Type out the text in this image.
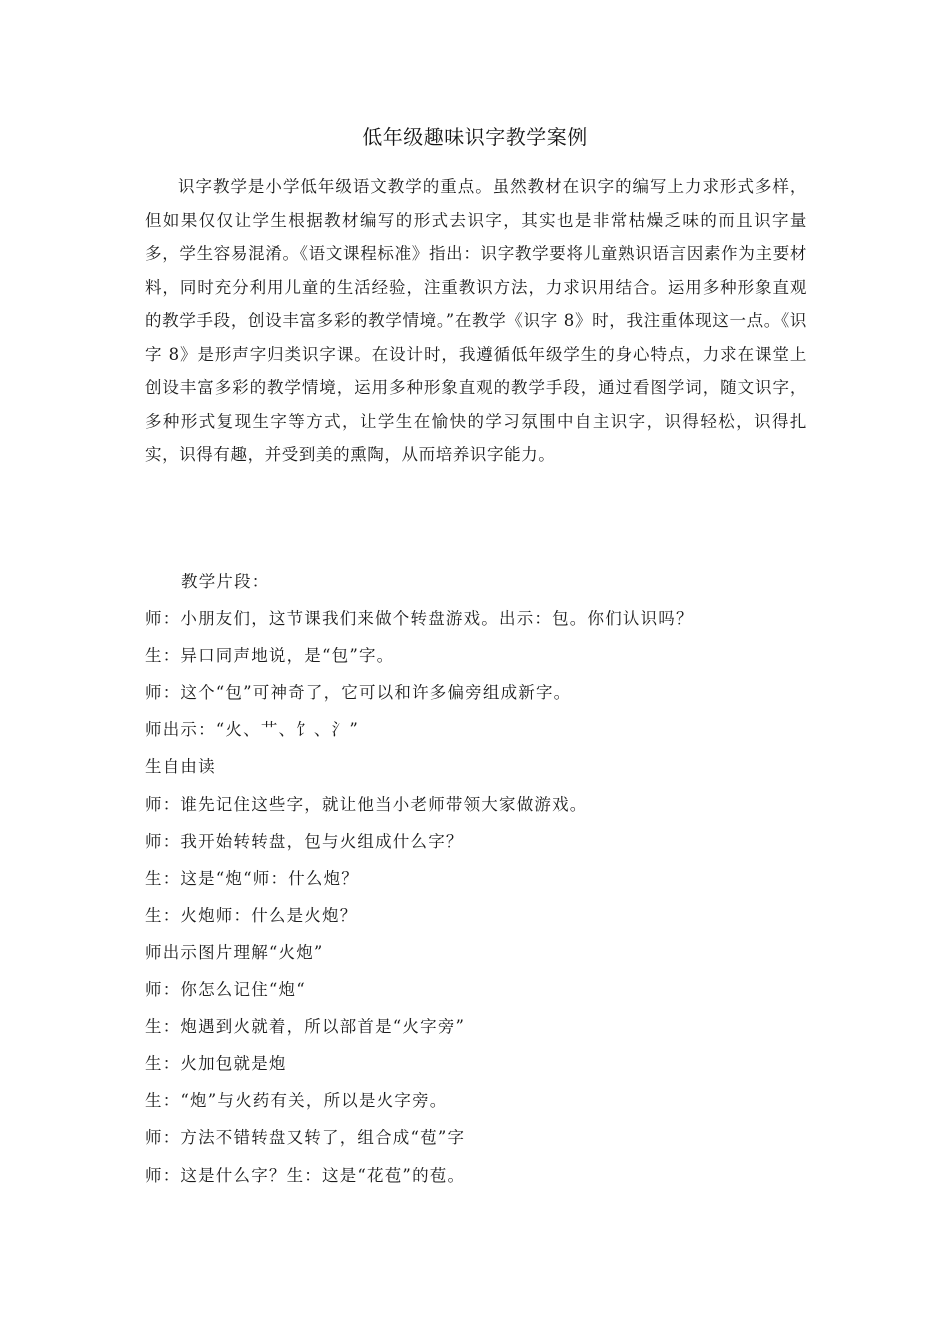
低年级趣味识字教学案例

识字教学是小学低年级语文教学的重点。虽然教材在识字的编写上力求形式多样，但如果仅仅让学生根据教材编写的形式去识字，其实也是非常枯燥乏味的而且识字量多，学生容易混淆。《语文课程标准》指出：识字教学要将儿童熟识语言因素作为主要材料，同时充分利用儿童的生活经验，注重教识方法，力求识用结合。运用多种形象直观的教学手段，创设丰富多彩的教学情境。”在教学《识字 8》时，我注重体现这一点。《识字 8》是形声字归类识字课。在设计时，我遵循低年级学生的身心特点，力求在课堂上创设丰富多彩的教学情境，运用多种形象直观的教学手段，通过看图学词，随文识字，多种形式复现生字等方式，让学生在愉快的学习氛围中自主识字，识得轻松，识得扎实，识得有趣，并受到美的熏陶，从而培养识字能力。

教学片段：
师：小朋友们，这节课我们来做个转盘游戏。出示：包。你们认识吗？
生：异口同声地说，是“包”字。
师：这个“包”可神奇了，它可以和许多偏旁组成新字。
师出示：“火、艹、饣、氵”
生自由读
师：谁先记住这些字，就让他当小老师带领大家做游戏。
师：我开始转转盘，包与火组成什么字？
生：这是“炮“师：什么炮？
生：火炮师：什么是火炮？
师出示图片理解“火炮”
师：你怎么记住“炮“
生：炮遇到火就着，所以部首是“火字旁”
生：火加包就是炮
生：“炮”与火药有关，所以是火字旁。
师：方法不错转盘又转了，组合成“苞”字
师：这是什么字？生：这是“花苞”的苞。
